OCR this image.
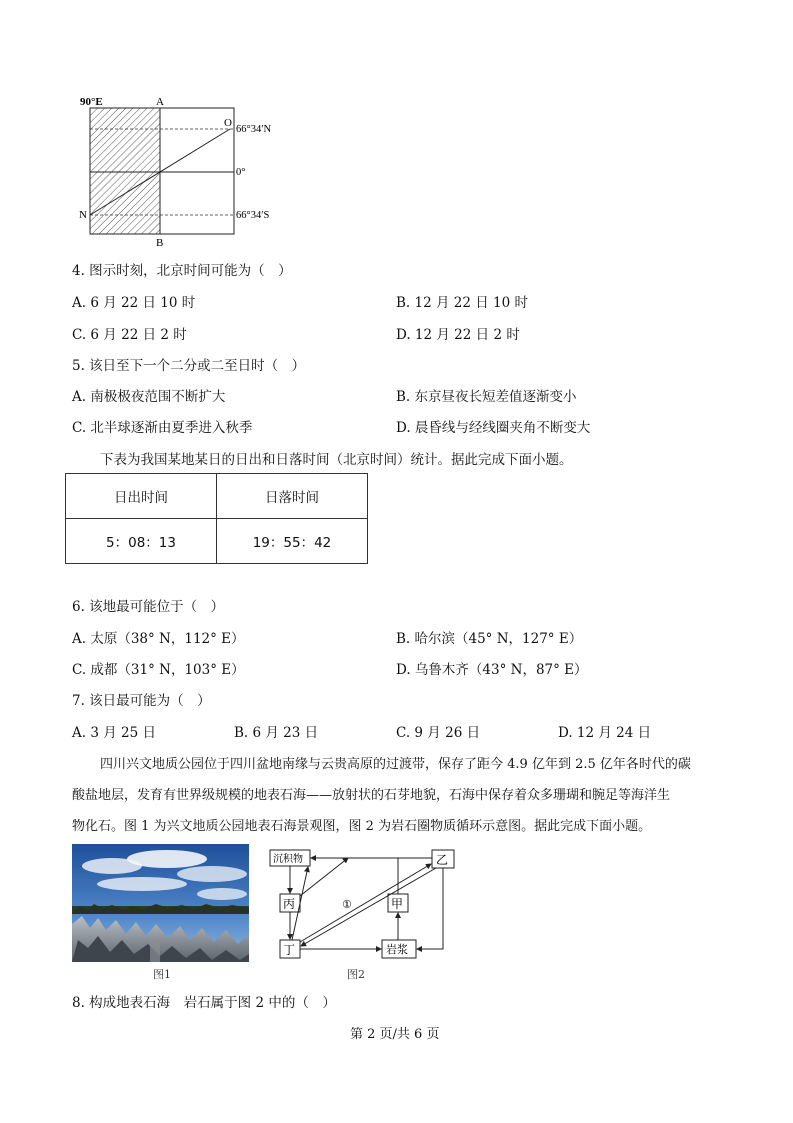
90°E	A
B
O
N
66°34′N
0°
66°34′S
4. 图示时刻，北京时间可能为（　）
A. 6 月 22 日 10 时	B. 12 月 22 日 10 时
C. 6 月 22 日 2 时	D. 12 月 22 日 2 时
5. 该日至下一个二分或二至日时（　）
A. 南极极夜范围不断扩大	B. 东京昼夜长短差值逐渐变小
C. 北半球逐渐由夏季进入秋季	D. 晨昏线与经线圈夹角不断变大
下表为我国某地某日的日出和日落时间（北京时间）统计。据此完成下面小题。
日出时间	日落时间
5：08：13	19：55：42
6. 该地最可能位于（　）
A. 太原（38° N，112° E）	B. 哈尔滨（45° N，127° E）
C. 成都（31° N，103° E）	D. 乌鲁木齐（43° N，87° E）
7. 该日最可能为（　）
A. 3 月 25 日	B. 6 月 23 日	C. 9 月 26 日	D. 12 月 24 日
四川兴文地质公园位于四川盆地南缘与云贵高原的过渡带，保存了距今 4.9 亿年到 2.5 亿年各时代的碳
酸盐地层，发育有世界级规模的地表石海——放射状的石芽地貌，石海中保存着众多珊瑚和腕足等海洋生
物化石。图 1 为兴文地质公园地表石海景观图，图 2 为岩石圈物质循环示意图。据此完成下面小题。
图1
沉积物
丙	甲
乙
丁	岩浆
①
图2
8. 构成地表石海　岩石属于图 2 中的（　）
第 2 页/共 6 页
